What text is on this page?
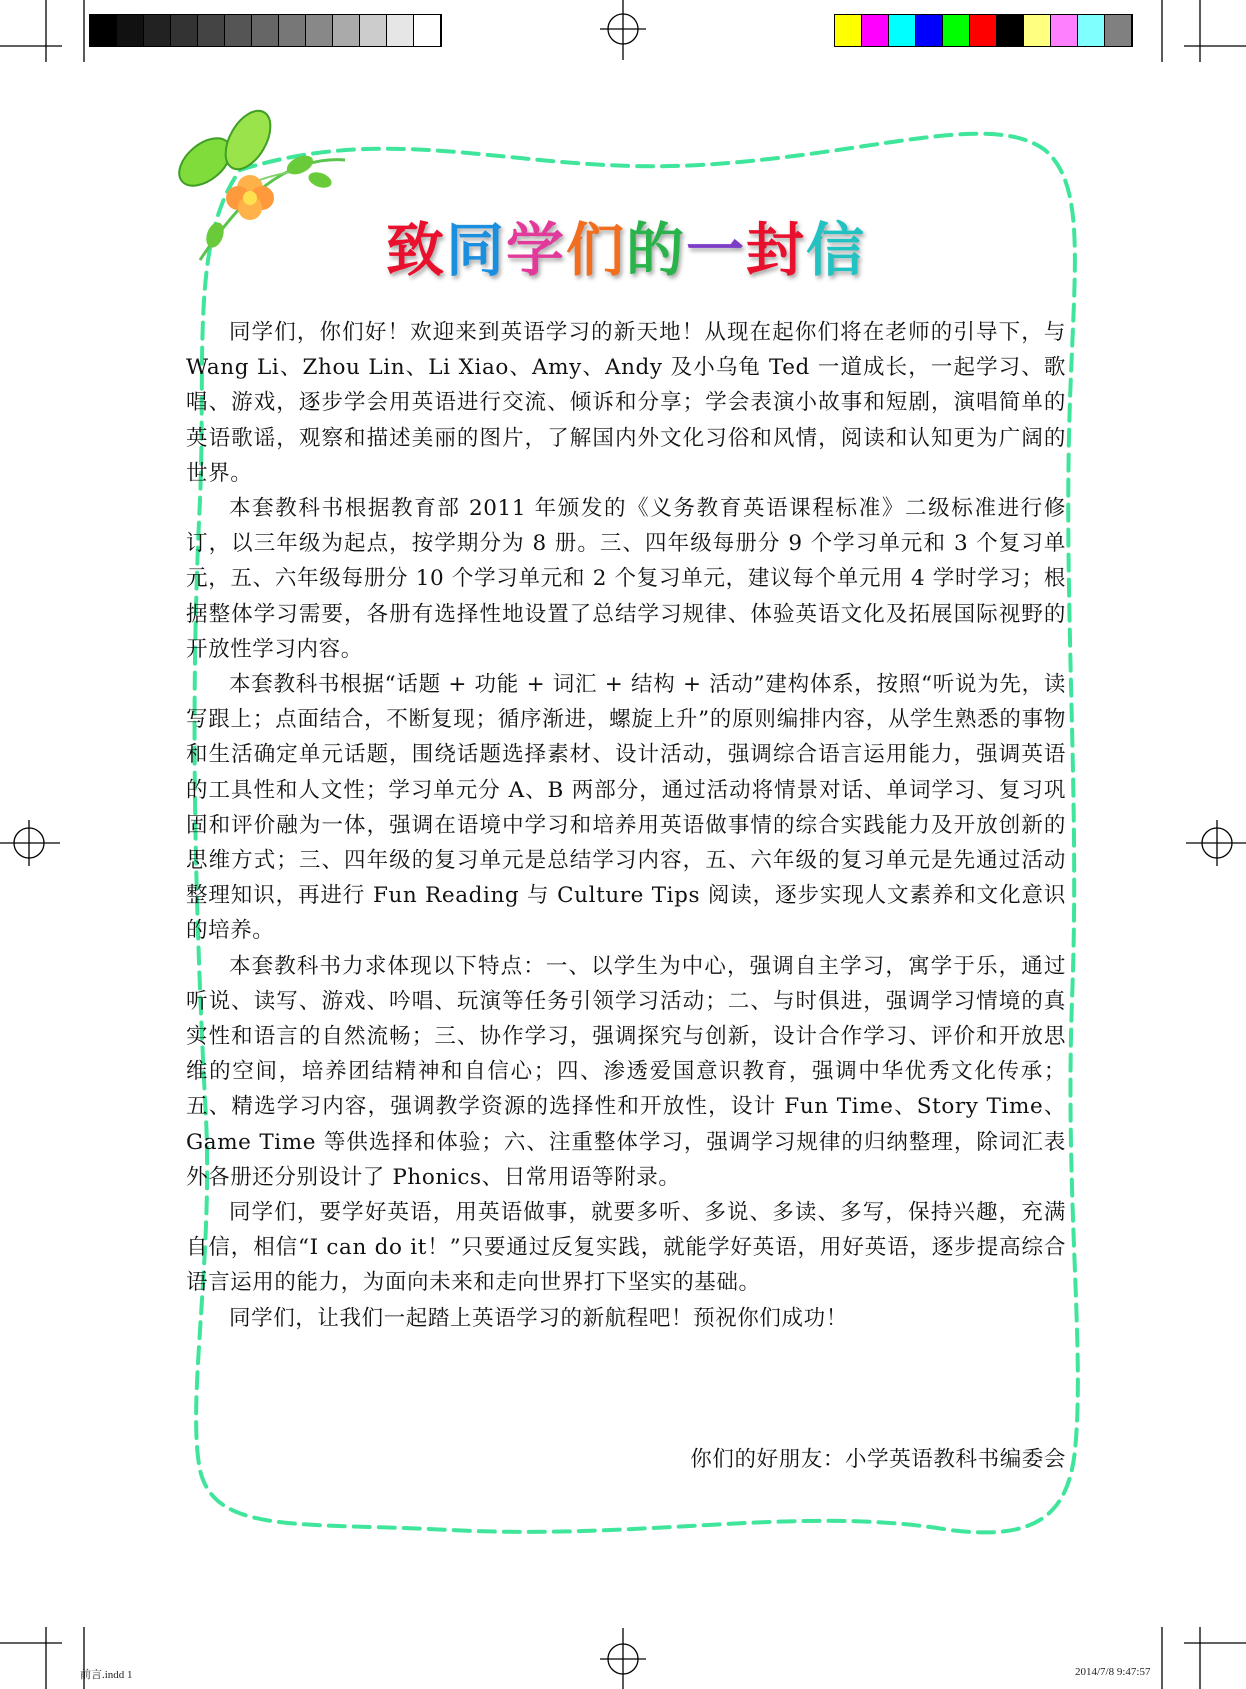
致同学们的一封信

同学们，你们好！欢迎来到英语学习的新天地！从现在起你们将在老师的引导下，与 Wang Li、Zhou Lin、Li Xiao、Amy、Andy 及小乌龟 Ted 一道成长，一起学习、歌唱、游戏，逐步学会用英语进行交流、倾诉和分享；学会表演小故事和短剧，演唱简单的英语歌谣，观察和描述美丽的图片，了解国内外文化习俗和风情，阅读和认知更为广阔的世界。

本套教科书根据教育部 2011 年颁发的《义务教育英语课程标准》二级标准进行修订，以三年级为起点，按学期分为 8 册。三、四年级每册分 9 个学习单元和 3 个复习单元，五、六年级每册分 10 个学习单元和 2 个复习单元，建议每个单元用 4 学时学习；根据整体学习需要，各册有选择性地设置了总结学习规律、体验英语文化及拓展国际视野的开放性学习内容。

本套教科书根据“话题 + 功能 + 词汇 + 结构 + 活动”建构体系，按照“听说为先，读写跟上；点面结合，不断复现；循序渐进，螺旋上升”的原则编排内容，从学生熟悉的事物和生活确定单元话题，围绕话题选择素材、设计活动，强调综合语言运用能力，强调英语的工具性和人文性；学习单元分 A、B 两部分，通过活动将情景对话、单词学习、复习巩固和评价融为一体，强调在语境中学习和培养用英语做事情的综合实践能力及开放创新的思维方式；三、四年级的复习单元是总结学习内容，五、六年级的复习单元是先通过活动整理知识，再进行 Fun Reading 与 Culture Tips 阅读，逐步实现人文素养和文化意识的培养。

本套教科书力求体现以下特点：一、以学生为中心，强调自主学习，寓学于乐，通过听说、读写、游戏、吟唱、玩演等任务引领学习活动；二、与时俱进，强调学习情境的真实性和语言的自然流畅；三、协作学习，强调探究与创新，设计合作学习、评价和开放思维的空间，培养团结精神和自信心；四、渗透爱国意识教育，强调中华优秀文化传承；五、精选学习内容，强调教学资源的选择性和开放性，设计 Fun Time、Story Time、Game Time 等供选择和体验；六、注重整体学习，强调学习规律的归纳整理，除词汇表外各册还分别设计了 Phonics、日常用语等附录。

同学们，要学好英语，用英语做事，就要多听、多说、多读、多写，保持兴趣，充满自信，相信“I can do it！”只要通过反复实践，就能学好英语，用好英语，逐步提高综合语言运用的能力，为面向未来和走向世界打下坚实的基础。

同学们，让我们一起踏上英语学习的新航程吧！预祝你们成功！

你们的好朋友：小学英语教科书编委会
前言.indd 1	2014/7/8 9:47:57
